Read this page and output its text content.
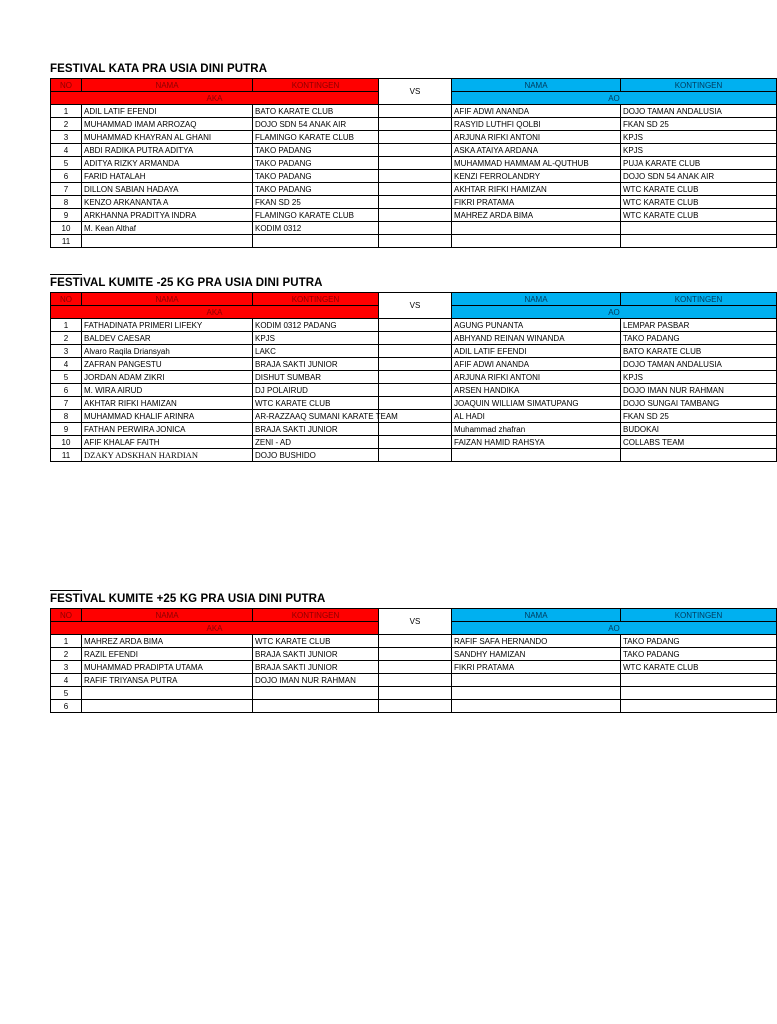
FESTIVAL KATA PRA USIA DINI PUTRA
NO	NAMA	KONTINGEN	VS	NAMA	KONTINGEN
AKA				AO	
1	ADIL LATIF EFENDI	BATO KARATE CLUB		AFIF ADWI ANANDA	DOJO TAMAN ANDALUSIA
2	MUHAMMAD IMAM ARROZAQ	DOJO SDN 54 ANAK AIR		RASYID LUTHFI QOLBI	FKAN SD 25
3	MUHAMMAD KHAYRAN AL GHANI	FLAMINGO KARATE CLUB		ARJUNA RIFKI ANTONI	KPJS
4	ABDI RADIKA PUTRA ADITYA	TAKO PADANG		ASKA ATAIYA ARDANA	KPJS
5	ADITYA RIZKY ARMANDA	TAKO PADANG		MUHAMMAD HAMMAM AL-QUTHUB	PUJA KARATE CLUB
6	FARID HATALAH	TAKO PADANG		KENZI FERROLANDRY	DOJO SDN 54 ANAK AIR
7	DILLON SABIAN HADAYA	TAKO PADANG		AKHTAR RIFKI HAMIZAN	WTC KARATE CLUB
8	KENZO ARKANANTA A	FKAN SD 25		FIKRI PRATAMA	WTC KARATE CLUB
9	ARKHANNA PRADITYA INDRA	FLAMINGO KARATE CLUB		MAHREZ ARDA BIMA	WTC KARATE CLUB
10	M. Kean Althaf	KODIM 0312			
11					
FESTIVAL KUMITE -25 KG PRA USIA DINI PUTRA
NO	NAMA	KONTINGEN	VS	NAMA	KONTINGEN
AKA				AO	
1	FATHADINATA PRIMERI LIFEKY	KODIM 0312 PADANG		AGUNG PUNANTA	LEMPAR PASBAR
2	BALDEV CAESAR	KPJS		ABHYAND REINAN WINANDA	TAKO PADANG
3	Alvaro Raqila Driansyah	LAKC		ADIL LATIF EFENDI	BATO KARATE CLUB
4	ZAFRAN PANGESTU	BRAJA SAKTI JUNIOR		AFIF ADWI ANANDA	DOJO TAMAN ANDALUSIA
5	JORDAN ADAM ZIKRI	DISHUT SUMBAR		ARJUNA RIFKI ANTONI	KPJS
6	M. WIRA AIRUD	DJ POLAIRUD		ARSEN HANDIKA	DOJO IMAN NUR RAHMAN
7	AKHTAR RIFKI HAMIZAN	WTC KARATE CLUB		JOAQUIN WILLIAM SIMATUPANG	DOJO SUNGAI TAMBANG
8	MUHAMMAD KHALIF ARINRA	AR-RAZZAAQ SUMANI KARATE TEAM		AL HADI	FKAN SD 25
9	FATHAN PERWIRA JONICA	BRAJA SAKTI JUNIOR		Muhammad zhafran	BUDOKAI
10	AFIF KHALAF FAITH	ZENI - AD		FAIZAN HAMID RAHSYA	COLLABS TEAM
11	DZAKY ADSKHAN HARDIAN	DOJO BUSHIDO			
FESTIVAL KUMITE +25 KG PRA USIA DINI PUTRA
NO	NAMA	KONTINGEN	VS	NAMA	KONTINGEN
AKA				AO	
1	MAHREZ ARDA BIMA	WTC KARATE CLUB		RAFIF SAFA HERNANDO	TAKO PADANG
2	RAZIL EFENDI	BRAJA SAKTI JUNIOR		SANDHY HAMIZAN	TAKO PADANG
3	MUHAMMAD PRADIPTA UTAMA	BRAJA SAKTI JUNIOR		FIKRI PRATAMA	WTC KARATE CLUB
4	RAFIF TRIYANSA PUTRA	DOJO IMAN NUR RAHMAN			
5					
6					
